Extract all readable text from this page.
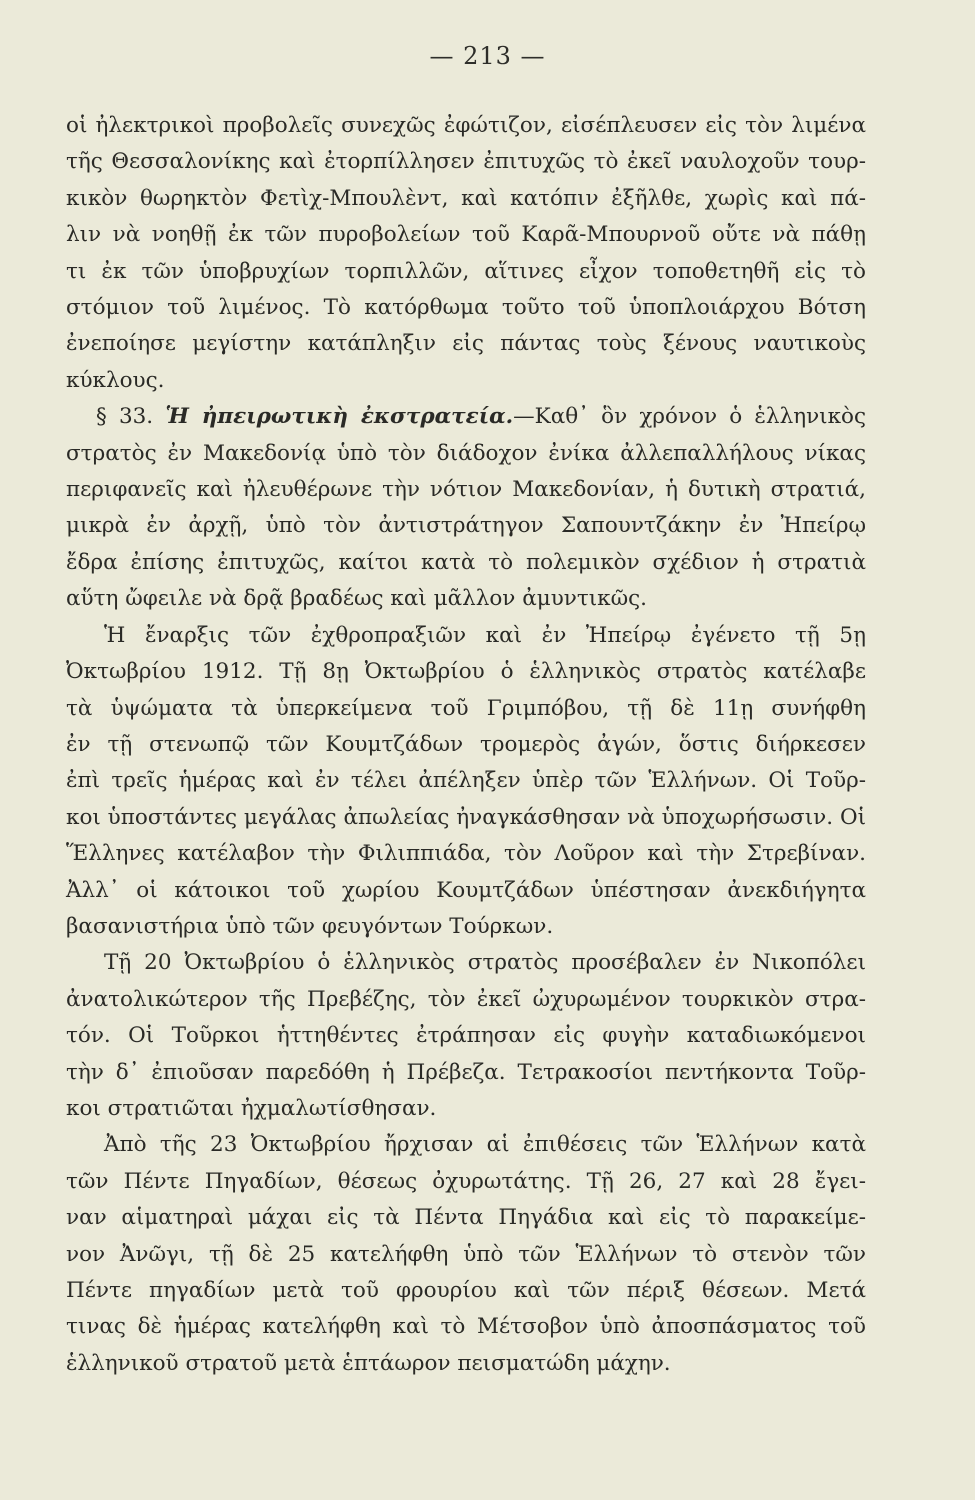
— 213 —
οἱ ἠλεκτρικοὶ προβολεῖς συνεχῶς ἐφώτιζον, εἰσέπλευσεν εἰς τὸν λιμένα
τῆς Θεσσαλονίκης καὶ ἐτορπίλλησεν ἐπιτυχῶς τὸ ἐκεῖ ναυλοχοῦν τουρ-
κικὸν θωρηκτὸν Φετὶχ-Μπουλὲντ, καὶ κατόπιν ἐξῆλθε, χωρὶς καὶ πά-
λιν νὰ νοηθῇ ἐκ τῶν πυροβολείων τοῦ Καρᾶ-Μπουρνοῦ οὔτε νὰ πάθῃ
τι ἐκ τῶν ὑποβρυχίων τορπιλλῶν, αἵτινες εἶχον τοποθετηθῆ εἰς τὸ
στόμιον τοῦ λιμένος. Τὸ κατόρθωμα τοῦτο τοῦ ὑποπλοιάρχου Βότση
ἐνεποίησε μεγίστην κατάπληξιν εἰς πάντας τοὺς ξένους ναυτικοὺς
κύκλους.
§ 33. Ἡ ἠπειρωτικὴ ἐκστρατεία.—Καθ᾽ ὃν χρόνον ὁ ἑλληνικὸς
στρατὸς ἐν Μακεδονίᾳ ὑπὸ τὸν διάδοχον ἐνίκα ἀλλεπαλλήλους νίκας
περιφανεῖς καὶ ἠλευθέρωνε τὴν νότιον Μακεδονίαν, ἡ δυτικὴ στρατιά,
μικρὰ ἐν ἀρχῇ, ὑπὸ τὸν ἀντιστράτηγον Σαπουντζάκην ἐν Ἠπείρῳ
ἔδρα ἐπίσης ἐπιτυχῶς, καίτοι κατὰ τὸ πολεμικὸν σχέδιον ἡ στρατιὰ
αὕτη ὤφειλε νὰ δρᾷ βραδέως καὶ μᾶλλον ἀμυντικῶς.
Ἡ ἔναρξις τῶν ἐχθροπραξιῶν καὶ ἐν Ἠπείρῳ ἐγένετο τῇ 5ῃ
Ὀκτωβρίου 1912. Τῇ 8ῃ Ὀκτωβρίου ὁ ἑλληνικὸς στρατὸς κατέλαβε
τὰ ὑψώματα τὰ ὑπερκείμενα τοῦ Γριμπόβου, τῇ δὲ 11ῃ συνήφθη
ἐν τῇ στενωπῷ τῶν Κουμτζάδων τρομερὸς ἀγών, ὅστις διήρκεσεν
ἐπὶ τρεῖς ἡμέρας καὶ ἐν τέλει ἀπέληξεν ὑπὲρ τῶν Ἑλλήνων. Οἱ Τοῦρ-
κοι ὑποστάντες μεγάλας ἀπωλείας ἠναγκάσθησαν νὰ ὑποχωρήσωσιν. Οἱ
Ἕλληνες κατέλαβον τὴν Φιλιππιάδα, τὸν Λοῦρον καὶ τὴν Στρεβίναν.
Ἀλλ᾽ οἱ κάτοικοι τοῦ χωρίου Κουμτζάδων ὑπέστησαν ἀνεκδιήγητα
βασανιστήρια ὑπὸ τῶν φευγόντων Τούρκων.
Τῇ 20 Ὀκτωβρίου ὁ ἑλληνικὸς στρατὸς προσέβαλεν ἐν Νικοπόλει
ἀνατολικώτερον τῆς Πρεβέζης, τὸν ἐκεῖ ὠχυρωμένον τουρκικὸν στρα-
τόν. Οἱ Τοῦρκοι ἡττηθέντες ἐτράπησαν εἰς φυγὴν καταδιωκόμενοι
τὴν δ᾽ ἐπιοῦσαν παρεδόθη ἡ Πρέβεζα. Τετρακοσίοι πεντήκοντα Τοῦρ-
κοι στρατιῶται ἠχμαλωτίσθησαν.
Ἀπὸ τῆς 23 Ὀκτωβρίου ἤρχισαν αἱ ἐπιθέσεις τῶν Ἑλλήνων κατὰ
τῶν Πέντε Πηγαδίων, θέσεως ὀχυρωτάτης. Τῇ 26, 27 καὶ 28 ἔγει-
ναν αἱματηραὶ μάχαι εἰς τὰ Πέντα Πηγάδια καὶ εἰς τὸ παρακείμε-
νον Ἀνῶγι, τῇ δὲ 25 κατελήφθη ὑπὸ τῶν Ἑλλήνων τὸ στενὸν τῶν
Πέντε πηγαδίων μετὰ τοῦ φρουρίου καὶ τῶν πέριξ θέσεων. Μετά
τινας δὲ ἡμέρας κατελήφθη καὶ τὸ Μέτσοβον ὑπὸ ἀποσπάσματος τοῦ
ἑλληνικοῦ στρατοῦ μετὰ ἑπτάωρον πεισματώδη μάχην.
